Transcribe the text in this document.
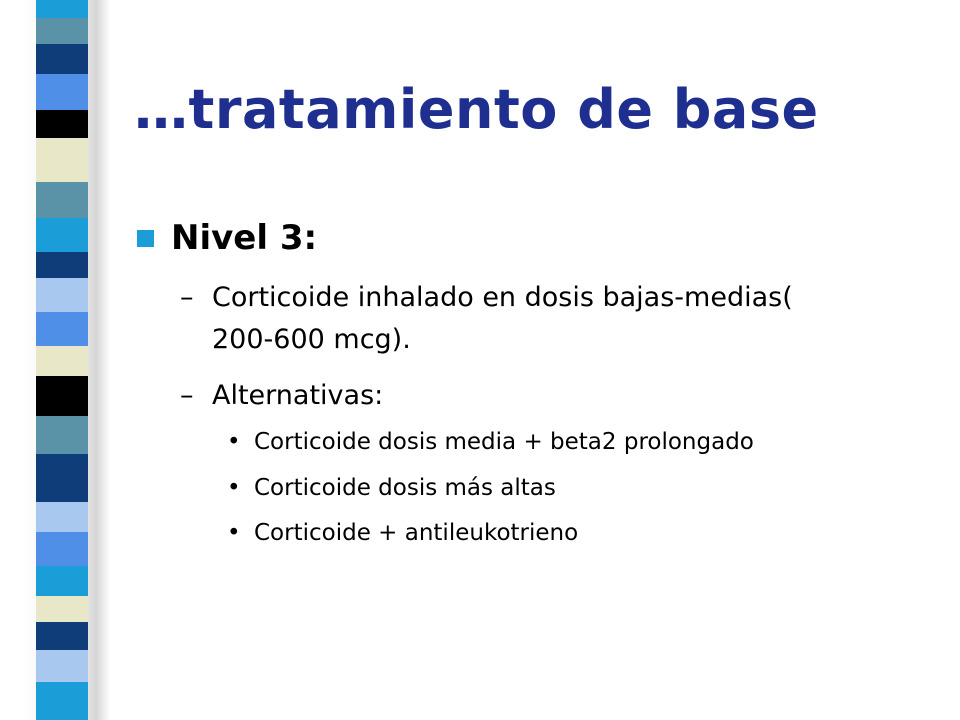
…tratamiento de base
Nivel 3:
– Corticoide inhalado en dosis bajas-medias( 200-600 mcg).
– Alternativas:
• Corticoide dosis media + beta2 prolongado
• Corticoide dosis más altas
• Corticoide + antileukotrieno
